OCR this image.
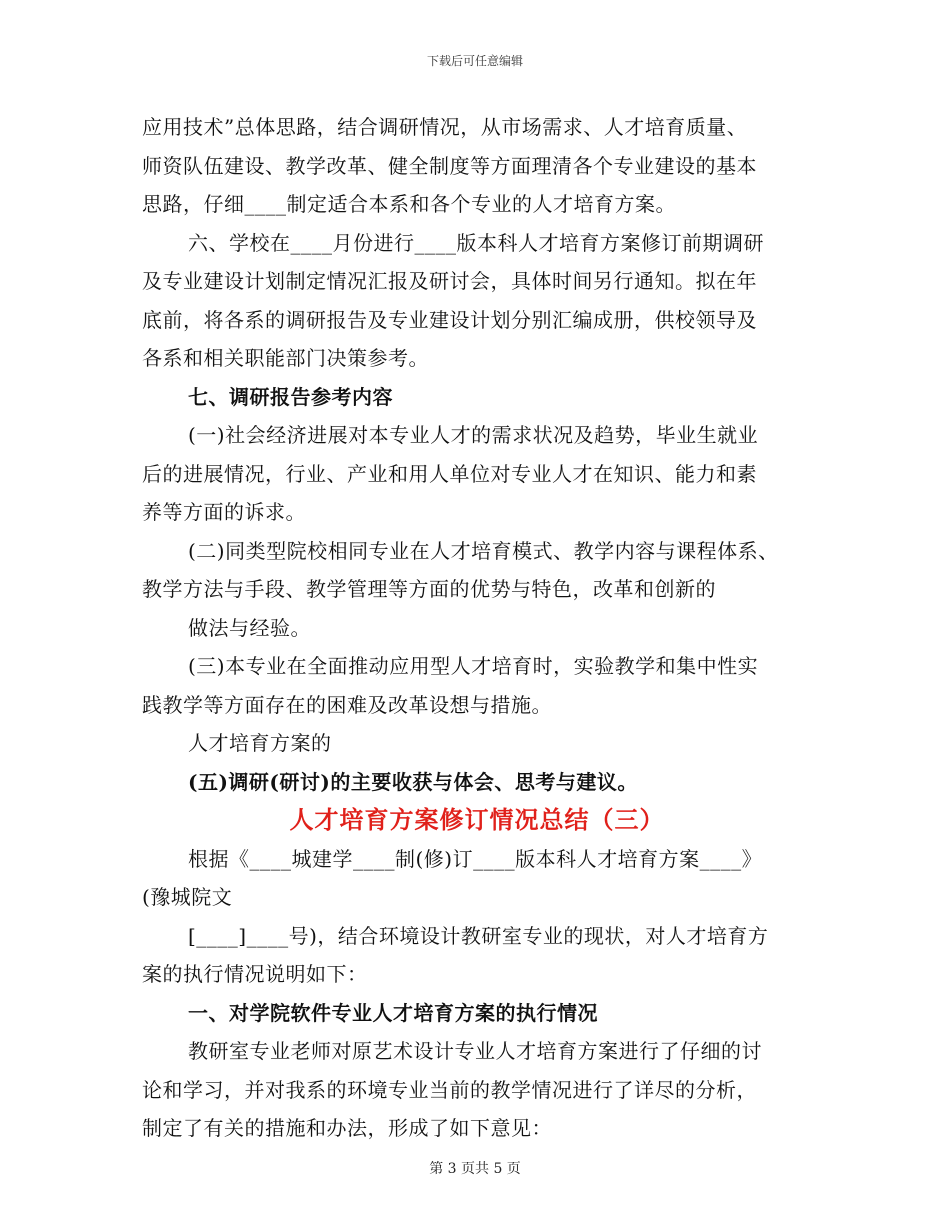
下载后可任意编辑
应用技术”总体思路，结合调研情况，从市场需求、人才培育质量、
师资队伍建设、教学改革、健全制度等方面理清各个专业建设的基本
思路，仔细____制定适合本系和各个专业的人才培育方案。
六、学校在____月份进行____版本科人才培育方案修订前期调研
及专业建设计划制定情况汇报及研讨会，具体时间另行通知。拟在年
底前，将各系的调研报告及专业建设计划分别汇编成册，供校领导及
各系和相关职能部门决策参考。
七、调研报告参考内容
(一)社会经济进展对本专业人才的需求状况及趋势，毕业生就业
后的进展情况，行业、产业和用人单位对专业人才在知识、能力和素
养等方面的诉求。
(二)同类型院校相同专业在人才培育模式、教学内容与课程体系、
教学方法与手段、教学管理等方面的优势与特色，改革和创新的
做法与经验。
(三)本专业在全面推动应用型人才培育时，实验教学和集中性实
践教学等方面存在的困难及改革设想与措施。
人才培育方案的
(五)调研(研讨)的主要收获与体会、思考与建议。
人才培育方案修订情况总结（三）
根据《____城建学____制(修)订____版本科人才培育方案____》
(豫城院文
[____]____号)，结合环境设计教研室专业的现状，对人才培育方
案的执行情况说明如下：
一、对学院软件专业人才培育方案的执行情况
教研室专业老师对原艺术设计专业人才培育方案进行了仔细的讨
论和学习，并对我系的环境专业当前的教学情况进行了详尽的分析，
制定了有关的措施和办法，形成了如下意见：
第 3 页共 5 页
